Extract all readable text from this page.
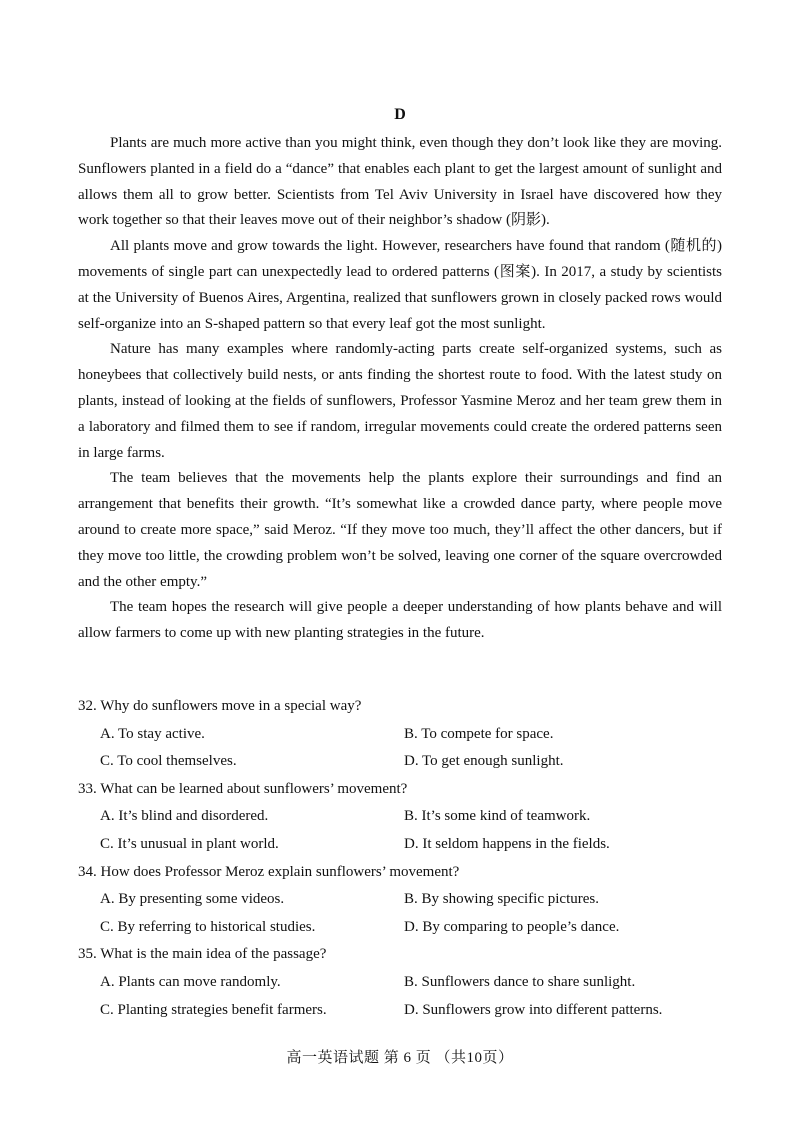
D

Plants are much more active than you might think, even though they don’t look like they are moving. Sunflowers planted in a field do a “dance” that enables each plant to get the largest amount of sunlight and allows them all to grow better. Scientists from Tel Aviv University in Israel have discovered how they work together so that their leaves move out of their neighbor’s shadow (阴影).

All plants move and grow towards the light. However, researchers have found that random (随机的) movements of single part can unexpectedly lead to ordered patterns (图案). In 2017, a study by scientists at the University of Buenos Aires, Argentina, realized that sunflowers grown in closely packed rows would self-organize into an S-shaped pattern so that every leaf got the most sunlight.

Nature has many examples where randomly-acting parts create self-organized systems, such as honeybees that collectively build nests, or ants finding the shortest route to food. With the latest study on plants, instead of looking at the fields of sunflowers, Professor Yasmine Meroz and her team grew them in a laboratory and filmed them to see if random, irregular movements could create the ordered patterns seen in large farms.

The team believes that the movements help the plants explore their surroundings and find an arrangement that benefits their growth. “It’s somewhat like a crowded dance party, where people move around to create more space,” said Meroz. “If they move too much, they’ll affect the other dancers, but if they move too little, the crowding problem won’t be solved, leaving one corner of the square overcrowded and the other empty.”

The team hopes the research will give people a deeper understanding of how plants behave and will allow farmers to come up with new planting strategies in the future.

32. Why do sunflowers move in a special way?
A. To stay active.	B. To compete for space.
C. To cool themselves.	D. To get enough sunlight.
33. What can be learned about sunflowers’ movement?
A. It’s blind and disordered.	B. It’s some kind of teamwork.
C. It’s unusual in plant world.	D. It seldom happens in the fields.
34. How does Professor Meroz explain sunflowers’ movement?
A. By presenting some videos.	B. By showing specific pictures.
C. By referring to historical studies.	D. By comparing to people’s dance.
35. What is the main idea of the passage?
A. Plants can move randomly.	B. Sunflowers dance to share sunlight.
C. Planting strategies benefit farmers.	D. Sunflowers grow into different patterns.
高一英语试题 第 6 页 （共10页）
